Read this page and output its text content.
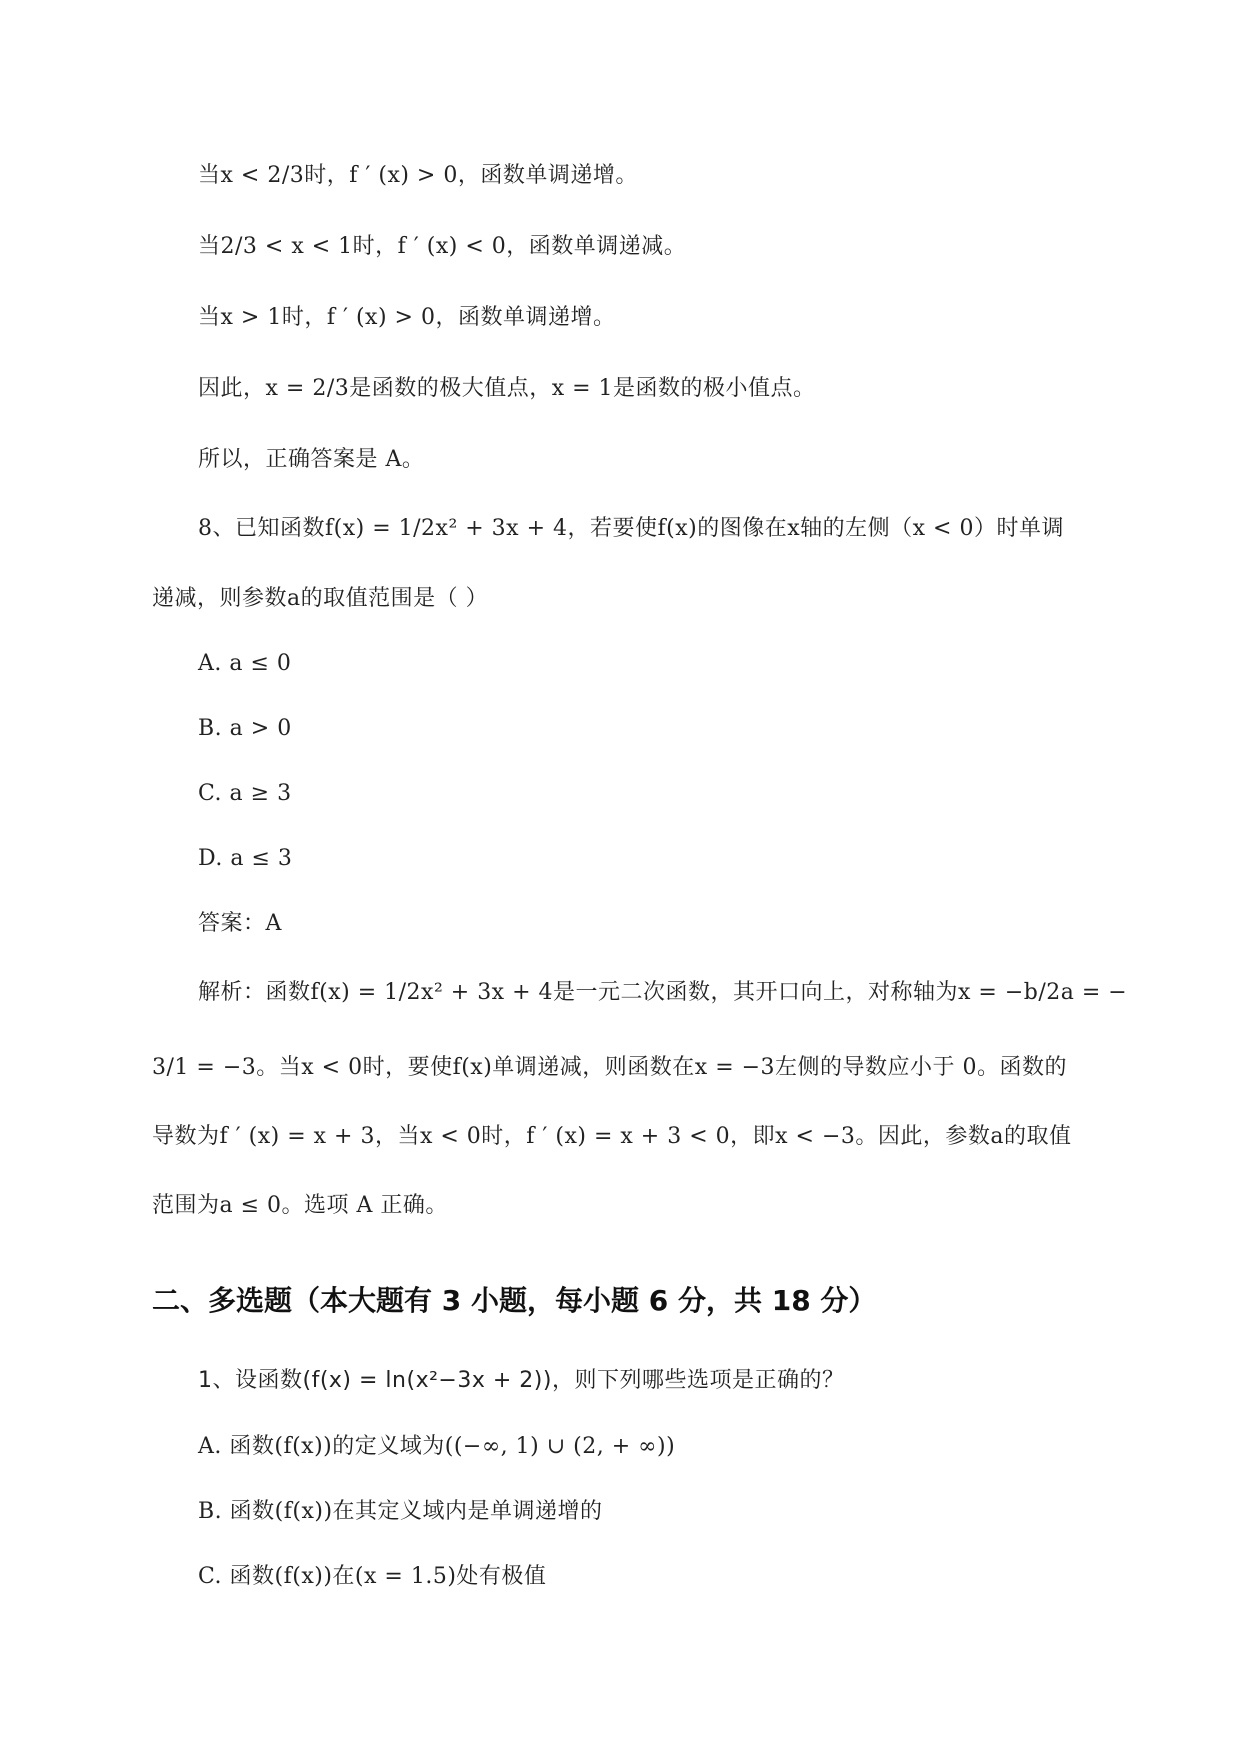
当x < 2/3时，f ′ (x) > 0，函数单调递增。
当2/3 < x < 1时，f ′ (x) < 0，函数单调递减。
当x > 1时，f ′ (x) > 0，函数单调递增。
因此，x = 2/3是函数的极大值点，x = 1是函数的极小值点。
所以，正确答案是 A。
8、已知函数f(x) = 1/2x² + 3x + 4，若要使f(x)的图像在x轴的左侧（x < 0）时单调
递减，则参数a的取值范围是（ ）
A. a ≤ 0
B. a > 0
C. a ≥ 3
D. a ≤ 3
答案：A
解析：函数f(x) = 1/2x² + 3x + 4是一元二次函数，其开口向上，对称轴为x = −b/2a = −
3/1 = −3。当x < 0时，要使f(x)单调递减，则函数在x = −3左侧的导数应小于 0。函数的
导数为f ′ (x) = x + 3，当x < 0时，f ′ (x) = x + 3 < 0，即x < −3。因此，参数a的取值
范围为a ≤ 0。选项 A 正确。
二、多选题（本大题有 3 小题，每小题 6 分，共 18 分）
1、设函数(f(x) = ln(x²−3x + 2))，则下列哪些选项是正确的？
A. 函数(f(x))的定义域为((−∞, 1) ∪ (2, + ∞))
B. 函数(f(x))在其定义域内是单调递增的
C. 函数(f(x))在(x = 1.5)处有极值
